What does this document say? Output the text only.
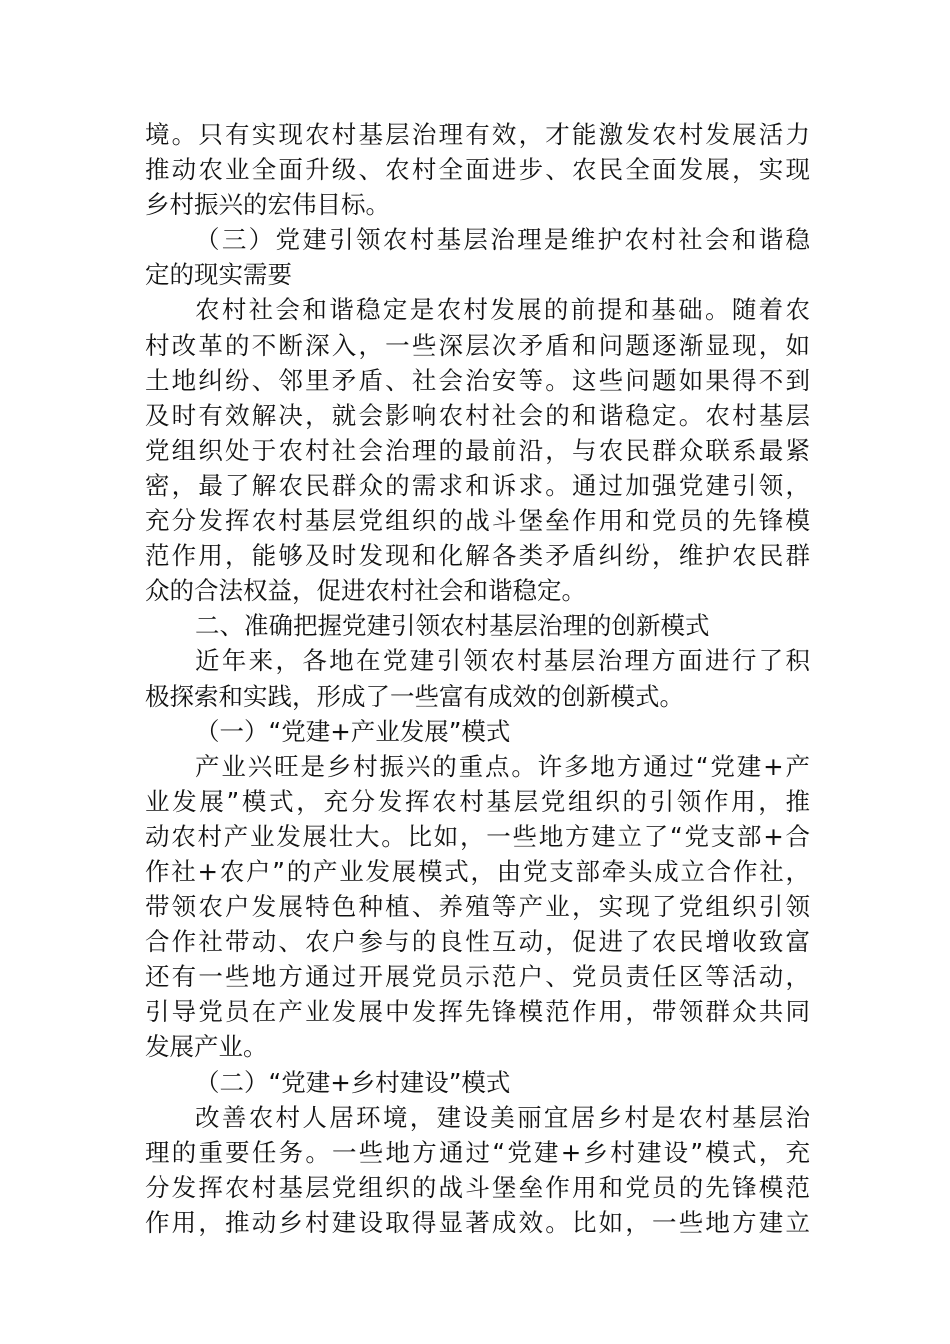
境。只有实现农村基层治理有效，才能激发农村发展活力
推动农业全面升级、农村全面进步、农民全面发展，实现
乡村振兴的宏伟目标。
（三）党建引领农村基层治理是维护农村社会和谐稳
定的现实需要
农村社会和谐稳定是农村发展的前提和基础。随着农
村改革的不断深入，一些深层次矛盾和问题逐渐显现，如
土地纠纷、邻里矛盾、社会治安等。这些问题如果得不到
及时有效解决，就会影响农村社会的和谐稳定。农村基层
党组织处于农村社会治理的最前沿，与农民群众联系最紧
密，最了解农民群众的需求和诉求。通过加强党建引领，
充分发挥农村基层党组织的战斗堡垒作用和党员的先锋模
范作用，能够及时发现和化解各类矛盾纠纷，维护农民群
众的合法权益，促进农村社会和谐稳定。
二、准确把握党建引领农村基层治理的创新模式
近年来，各地在党建引领农村基层治理方面进行了积
极探索和实践，形成了一些富有成效的创新模式。
（一）“党建+产业发展”模式
产业兴旺是乡村振兴的重点。许多地方通过“党建+产
业发展”模式，充分发挥农村基层党组织的引领作用，推
动农村产业发展壮大。比如，一些地方建立了“党支部+合
作社+农户”的产业发展模式，由党支部牵头成立合作社，
带领农户发展特色种植、养殖等产业，实现了党组织引领
合作社带动、农户参与的良性互动，促进了农民增收致富
还有一些地方通过开展党员示范户、党员责任区等活动，
引导党员在产业发展中发挥先锋模范作用，带领群众共同
发展产业。
（二）“党建+乡村建设”模式
改善农村人居环境，建设美丽宜居乡村是农村基层治
理的重要任务。一些地方通过“党建+乡村建设”模式，充
分发挥农村基层党组织的战斗堡垒作用和党员的先锋模范
作用，推动乡村建设取得显著成效。比如，一些地方建立
